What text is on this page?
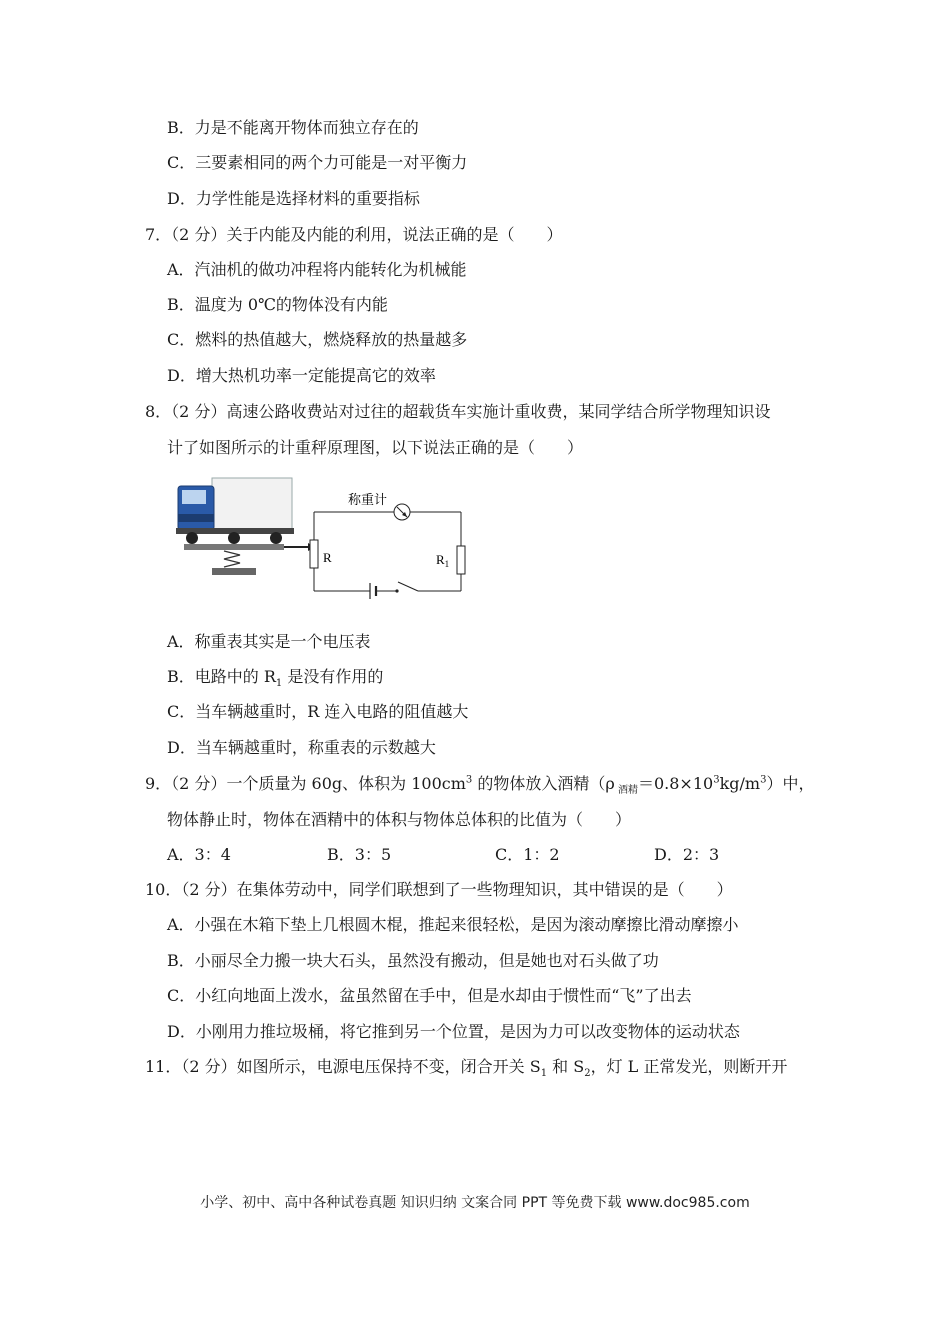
B．力是不能离开物体而独立存在的
C．三要素相同的两个力可能是一对平衡力
D．力学性能是选择材料的重要指标
7．（2 分）关于内能及内能的利用，说法正确的是（　　）
A．汽油机的做功冲程将内能转化为机械能
B．温度为 0℃的物体没有内能
C．燃料的热值越大，燃烧释放的热量越多
D．增大热机功率一定能提高它的效率
8．（2 分）高速公路收费站对过往的超载货车实施计重收费，某同学结合所学物理知识设
计了如图所示的计重秤原理图，以下说法正确的是（　　）
R
称重计
$R_1$
A．称重表其实是一个电压表
B．电路中的 $R_1$ 是没有作用的
C．当车辆越重时，R 连入电路的阻值越大
D．当车辆越重时，称重表的示数越大
9．（2 分）一个质量为 60g、体积为 $100cm^3$ 的物体放入酒精（ρ $_{酒精}=0.8\times 10^3kg/m^3$）中，
物体静止时，物体在酒精中的体积与物体总体积的比值为（　　）
A．3：4	B．3：5	C．1：2	D．2：3
10．（2 分）在集体劳动中，同学们联想到了一些物理知识，其中错误的是（　　）
A．小强在木箱下垫上几根圆木棍，推起来很轻松，是因为滚动摩擦比滑动摩擦小
B．小丽尽全力搬一块大石头，虽然没有搬动，但是她也对石头做了功
C．小红向地面上泼水，盆虽然留在手中，但是水却由于惯性而“飞”了出去
D．小刚用力推垃圾桶，将它推到另一个位置，是因为力可以改变物体的运动状态
11．（2 分）如图所示，电源电压保持不变，闭合开关 $S_1$ 和 $S_2$，灯 L 正常发光，则断开开
小学、初中、高中各种试卷真题 知识归纳 文案合同 PPT 等免费下载 www.doc985.com
